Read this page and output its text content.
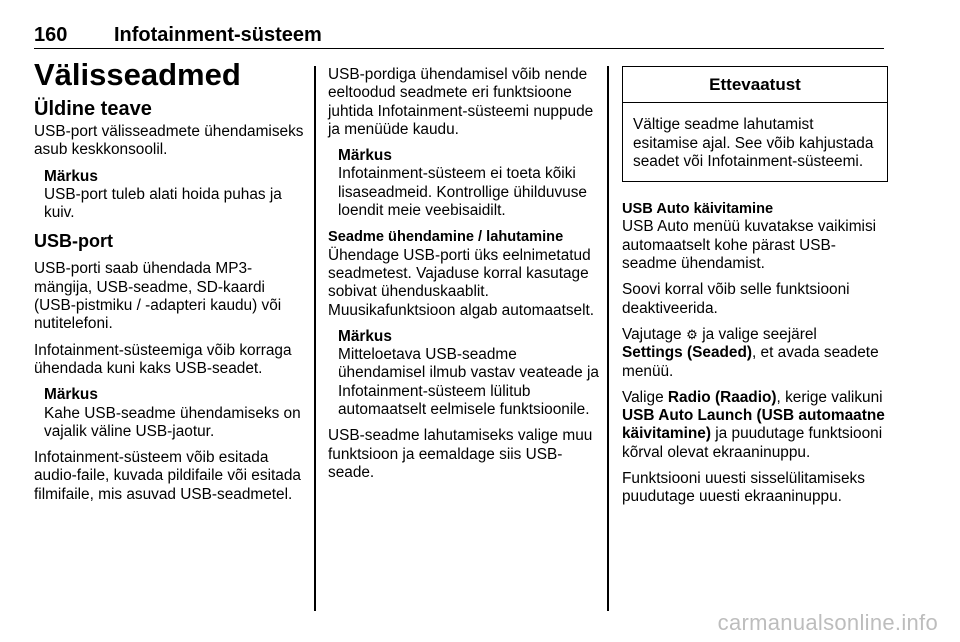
160 Infotainment-süsteem
Välisseadmed
Üldine teave
USB-port välisseadmete ühendamiseks asub keskkonsoolil.
Märkus
USB-port tuleb alati hoida puhas ja kuiv.
USB-port
USB-porti saab ühendada MP3-mängija, USB-seadme, SD-kaardi (USB-pistmiku / -adapteri kaudu) või nutitelefoni.
Infotainment-süsteemiga võib korraga ühendada kuni kaks USB-seadet.
Märkus
Kahe USB-seadme ühendamiseks on vajalik väline USB-jaotur.
Infotainment-süsteem võib esitada audio-faile, kuvada pildifaile või esitada filmifaile, mis asuvad USB-seadmetel.
USB-pordiga ühendamisel võib nende eeltoodud seadmete eri funktsioone juhtida Infotainment-süsteemi nuppude ja menüüde kaudu.
Märkus
Infotainment-süsteem ei toeta kõiki lisaseadmeid. Kontrollige ühilduvuse loendit meie veebisaidilt.
Seadme ühendamine / lahutamine
Ühendage USB-porti üks eelnimetatud seadmetest. Vajaduse korral kasutage sobivat ühenduskaablit. Muusikafunktsioon algab automaatselt.
Märkus
Mitteloetava USB-seadme ühendamisel ilmub vastav veateade ja Infotainment-süsteem lülitub automaatselt eelmisele funktsioonile.
USB-seadme lahutamiseks valige muu funktsioon ja eemaldage siis USB-seade.
Ettevaatust
Vältige seadme lahutamist esitamise ajal. See võib kahjustada seadet või Infotainment-süsteemi.
USB Auto käivitamine
USB Auto menüü kuvatakse vaikimisi automaatselt kohe pärast USB-seadme ühendamist.
Soovi korral võib selle funktsiooni deaktiveerida.
Vajutage ⚙ ja valige seejärel
Settings (Seaded), et avada seadete menüü.
Valige Radio (Raadio), kerige valikuni USB Auto Launch (USB automaatne käivitamine) ja puudutage funktsiooni kõrval olevat ekraaninuppu.
Funktsiooni uuesti sisselülitamiseks puudutage uuesti ekraaninuppu.
carmanualsonline.info
